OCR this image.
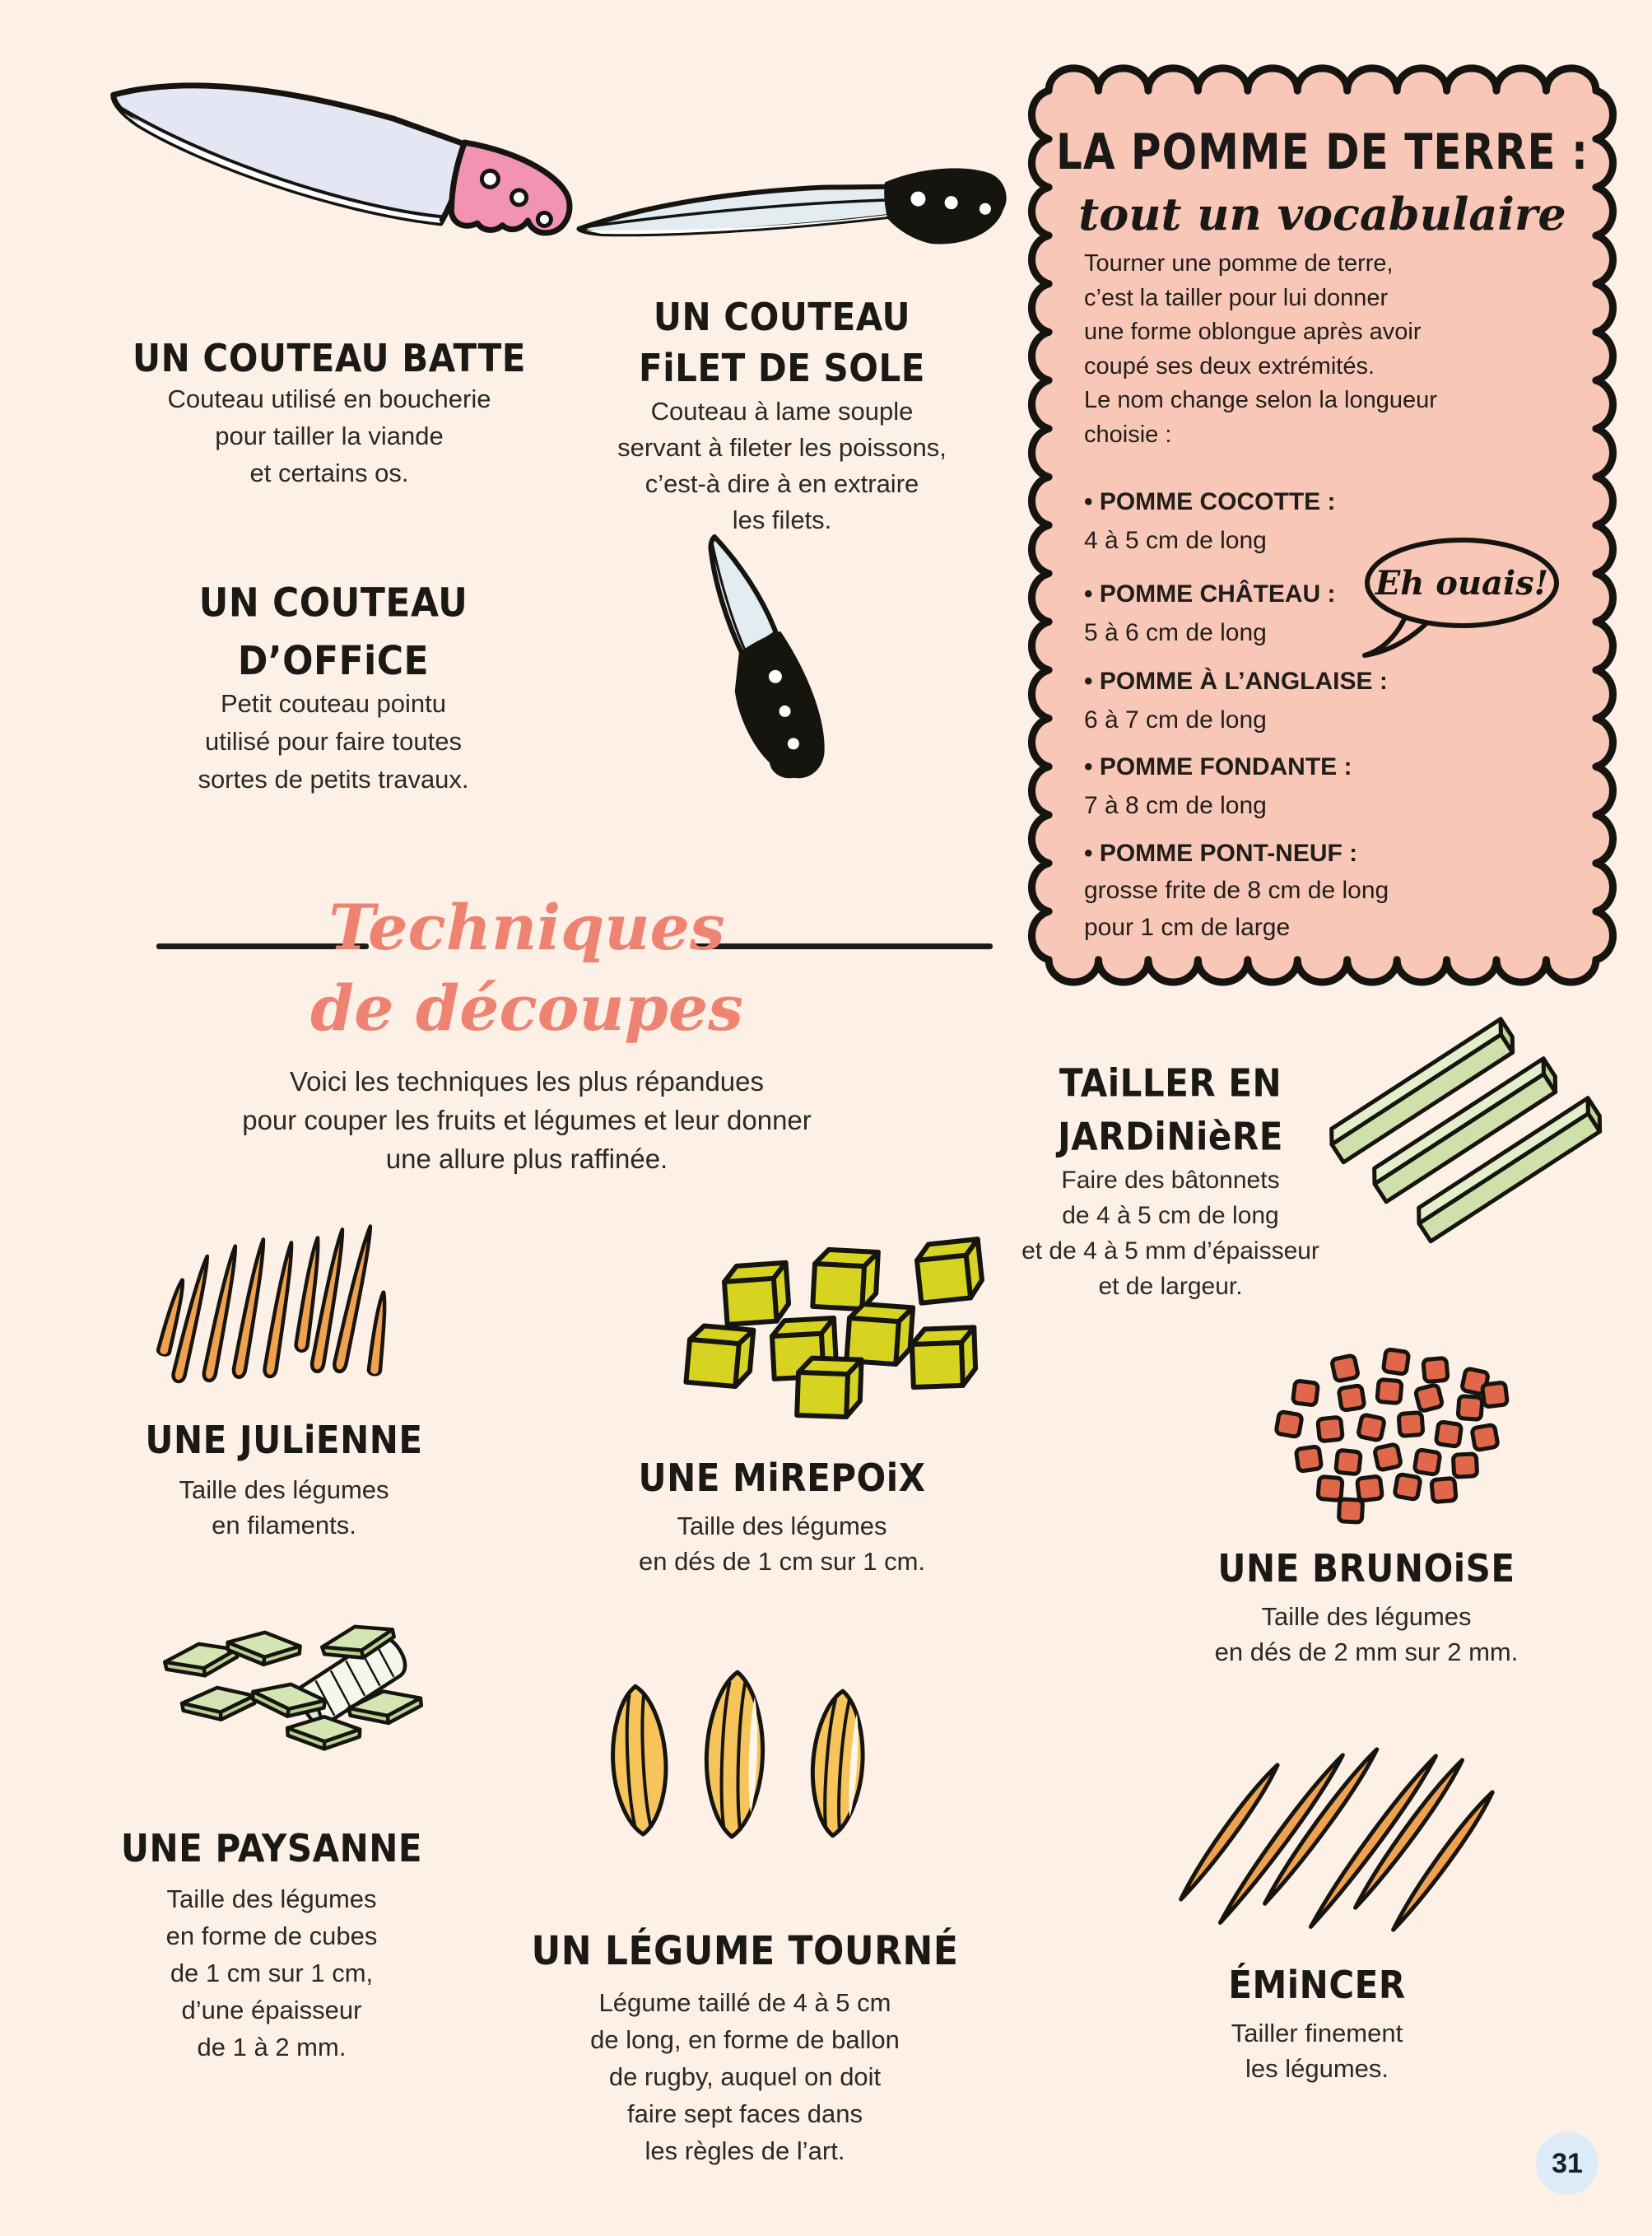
UN COUTEAU BATTE
Couteau utilisé en boucherie
pour tailler la viande
et certains os.
UN COUTEAU
FiLET DE SOLE
Couteau à lame souple
servant à fileter les poissons,
c’est-à dire à en extraire
les filets.
UN COUTEAU
D’OFFiCE
Petit couteau pointu
utilisé pour faire toutes
sortes de petits travaux.
LA POMME DE TERRE :
tout un vocabulaire
Tourner une pomme de terre,
c’est la tailler pour lui donner
une forme oblongue après avoir
coupé ses deux extrémités.
Le nom change selon la longueur
choisie :
• POMME COCOTTE :
4 à 5 cm de long
• POMME CHÂTEAU :
5 à 6 cm de long
• POMME À L’ANGLAISE :
6 à 7 cm de long
• POMME FONDANTE :
7 à 8 cm de long
• POMME PONT-NEUF :
grosse frite de 8 cm de long
pour 1 cm de large
Eh ouais!
Techniques
de découpes
Voici les techniques les plus répandues
pour couper les fruits et légumes et leur donner
une allure plus raffinée.
TAiLLER EN
JARDiNièRE
Faire des bâtonnets
de 4 à 5 cm de long
et de 4 à 5 mm d’épaisseur
et de largeur.
UNE JULiENNE
Taille des légumes
en filaments.
UNE MiREPOiX
Taille des légumes
en dés de 1 cm sur 1 cm.	UNE BRUNOiSE
Taille des légumes
en dés de 2 mm sur 2 mm.
UNE PAYSANNE
Taille des légumes
en forme de cubes
de 1 cm sur 1 cm,
d’une épaisseur
de 1 à 2 mm.
UN LÉGUME TOURNÉ
Légume taillé de 4 à 5 cm
de long, en forme de ballon
de rugby, auquel on doit
faire sept faces dans
les règles de l’art.
ÉMiNCER
Tailler finement
les légumes.
31
